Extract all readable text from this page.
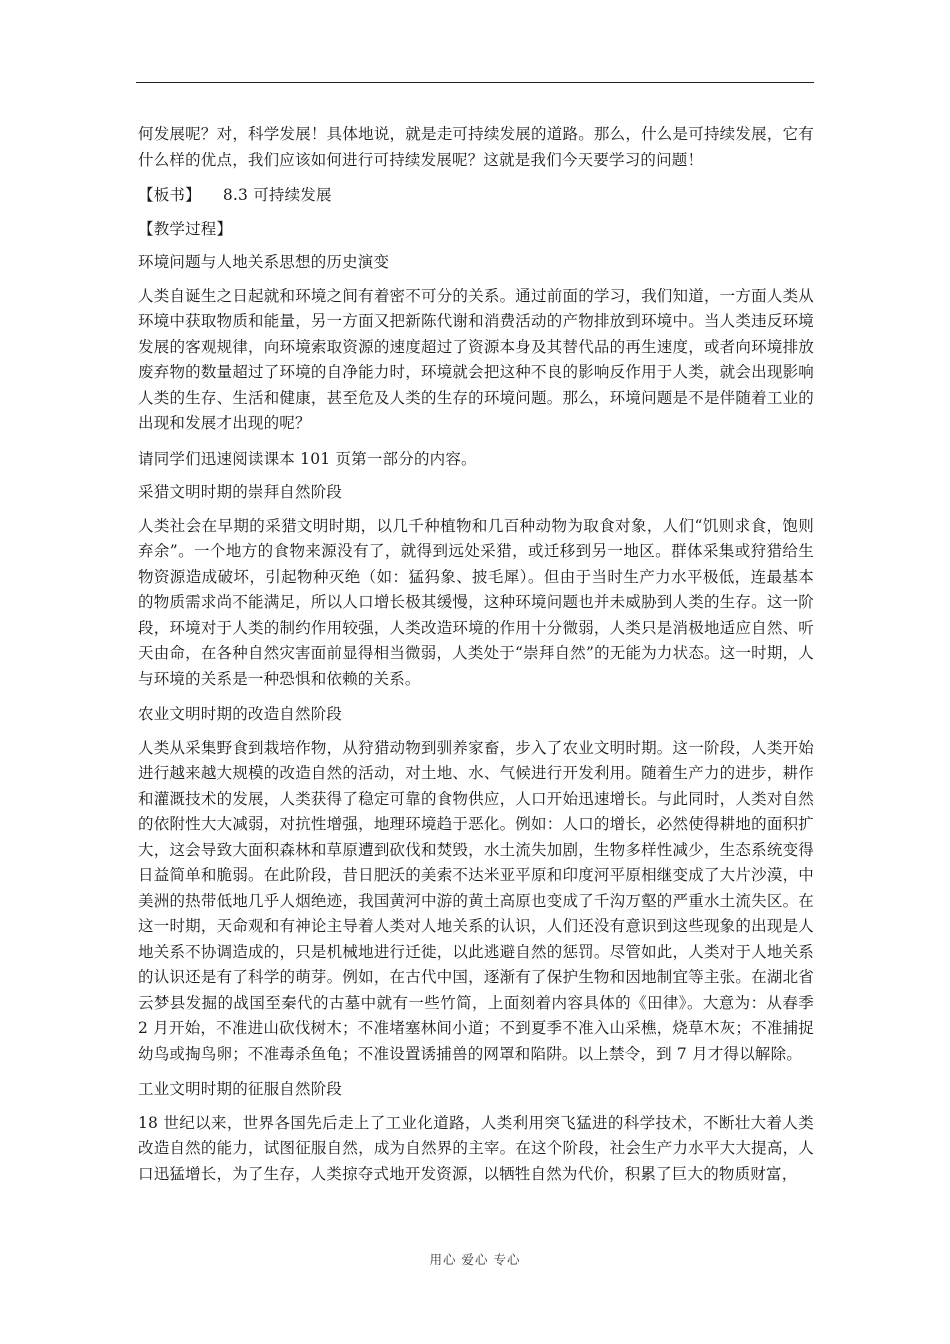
何发展呢？对，科学发展！具体地说，就是走可持续发展的道路。那么，什么是可持续发展，它有什么样的优点，我们应该如何进行可持续发展呢？这就是我们今天要学习的问题！

【板书】 8.3 可持续发展

【教学过程】

环境问题与人地关系思想的历史演变

人类自诞生之日起就和环境之间有着密不可分的关系。通过前面的学习，我们知道，一方面人类从环境中获取物质和能量，另一方面又把新陈代谢和消费活动的产物排放到环境中。当人类违反环境发展的客观规律，向环境索取资源的速度超过了资源本身及其替代品的再生速度，或者向环境排放废弃物的数量超过了环境的自净能力时，环境就会把这种不良的影响反作用于人类，就会出现影响人类的生存、生活和健康，甚至危及人类的生存的环境问题。那么，环境问题是不是伴随着工业的出现和发展才出现的呢？

请同学们迅速阅读课本 101 页第一部分的内容。

采猎文明时期的崇拜自然阶段

人类社会在早期的采猎文明时期，以几千种植物和几百种动物为取食对象，人们“饥则求食，饱则弃余”。一个地方的食物来源没有了，就得到远处采猎，或迁移到另一地区。群体采集或狩猎给生物资源造成破坏，引起物种灭绝（如：猛犸象、披毛犀）。但由于当时生产力水平极低，连最基本的物质需求尚不能满足，所以人口增长极其缓慢，这种环境问题也并未威胁到人类的生存。这一阶段，环境对于人类的制约作用较强，人类改造环境的作用十分微弱，人类只是消极地适应自然、听天由命，在各种自然灾害面前显得相当微弱，人类处于“崇拜自然”的无能为力状态。这一时期，人与环境的关系是一种恐惧和依赖的关系。

农业文明时期的改造自然阶段

人类从采集野食到栽培作物，从狩猎动物到驯养家畜，步入了农业文明时期。这一阶段，人类开始进行越来越大规模的改造自然的活动，对土地、水、气候进行开发利用。随着生产力的进步，耕作和灌溉技术的发展，人类获得了稳定可靠的食物供应，人口开始迅速增长。与此同时，人类对自然的依附性大大减弱，对抗性增强，地理环境趋于恶化。例如：人口的增长，必然使得耕地的面积扩大，这会导致大面积森林和草原遭到砍伐和焚毁，水土流失加剧，生物多样性减少，生态系统变得日益简单和脆弱。在此阶段，昔日肥沃的美索不达米亚平原和印度河平原相继变成了大片沙漠，中美洲的热带低地几乎人烟绝迹，我国黄河中游的黄土高原也变成了千沟万壑的严重水土流失区。在这一时期，天命观和有神论主导着人类对人地关系的认识，人们还没有意识到这些现象的出现是人地关系不协调造成的，只是机械地进行迁徙，以此逃避自然的惩罚。尽管如此，人类对于人地关系的认识还是有了科学的萌芽。例如，在古代中国，逐渐有了保护生物和因地制宜等主张。在湖北省云梦县发掘的战国至秦代的古墓中就有一些竹简，上面刻着内容具体的《田律》。大意为：从春季 2 月开始，不准进山砍伐树木；不准堵塞林间小道；不到夏季不准入山采樵，烧草木灰；不准捕捉幼鸟或掏鸟卵；不准毒杀鱼龟；不准设置诱捕兽的网罩和陷阱。以上禁令，到 7 月才得以解除。

工业文明时期的征服自然阶段

18 世纪以来，世界各国先后走上了工业化道路，人类利用突飞猛进的科学技术，不断壮大着人类改造自然的能力，试图征服自然，成为自然界的主宰。在这个阶段，社会生产力水平大大提高，人口迅猛增长，为了生存，人类掠夺式地开发资源，以牺牲自然为代价，积累了巨大的物质财富，

用心 爱心 专心
